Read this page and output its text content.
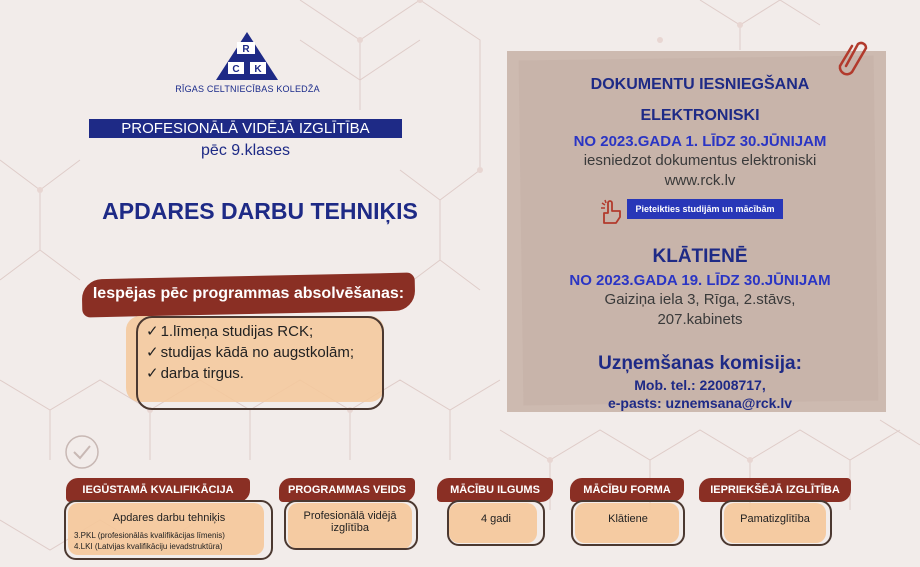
R
C K
RĪGAS CELTNIECĪBAS KOLEDŽA
PROFESIONĀLĀ VIDĒJĀ IZGLĪTĪBA
pēc 9.klases
APDARES DARBU TEHNIĶIS
Iespējas pēc programmas absolvēšanas:
✓ 1.līmeņa studijas RCK;
✓ studijas kādā no augstkolām;
✓ darba tirgus.
DOKUMENTU IESNIEGŠANA
ELEKTRONISKI
NO 2023.GADA 1. LĪDZ 30.JŪNIJAM
iesniedzot dokumentus elektroniski
www.rck.lv
Pieteikties studijām un mācībām
KLĀTIENĒ
NO 2023.GADA 19. LĪDZ 30.JŪNIJAM
Gaiziņa iela 3, Rīga, 2.stāvs,
207.kabinets
Uzņemšanas komisija:
Mob. tel.: 22008717,
e-pasts: uznemsana@rck.lv
IEGŪSTAMĀ KVALIFIKĀCIJA
Apdares darbu tehniķis
3.PKL (profesionālās kvalifikācijas līmenis)
4.LKI (Latvijas kvalifikāciju ievadstruktūra)
PROGRAMMAS VEIDS
Profesionālā vidējā izglītība
MĀCĪBU ILGUMS
4 gadi
MĀCĪBU FORMA
Klātiene
IEPRIEKŠĒJĀ IZGLĪTĪBA
Pamatizglītība
